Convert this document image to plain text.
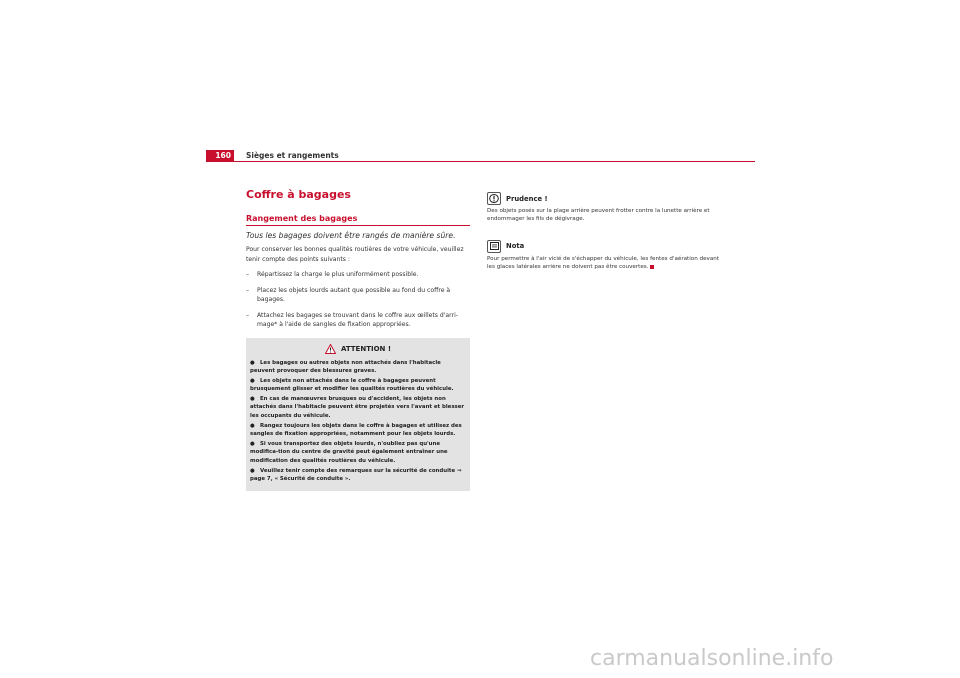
160	Sièges et rangements
Coffre à bagages
Rangement des bagages

Tous les bagages doivent être rangés de manière sûre.

Pour conserver les bonnes qualités routières de votre véhicule, veuillez tenir compte des points suivants :

– Répartissez la charge le plus uniformément possible.
– Placez les objets lourds autant que possible au fond du coffre à bagages.
– Attachez les bagages se trouvant dans le coffre aux œillets d'arri-mage* à l'aide de sangles de fixation appropriées.
ATTENTION !
● Les bagages ou autres objets non attachés dans l'habitacle peuvent provoquer des blessures graves.
● Les objets non attachés dans le coffre à bagages peuvent brusquement glisser et modifier les qualités routières du véhicule.
● En cas de manœuvres brusques ou d'accident, les objets non attachés dans l'habitacle peuvent être projetés vers l'avant et blesser les occupants du véhicule.
● Rangez toujours les objets dans le coffre à bagages et utilisez des sangles de fixation appropriées, notamment pour les objets lourds.
● Si vous transportez des objets lourds, n'oubliez pas qu'une modifica-tion du centre de gravité peut également entraîner une modification des qualités routières du véhicule.
● Veuillez tenir compte des remarques sur la sécurité de conduite ⇒ page 7, « Sécurité de conduite ».
Prudence !

Des objets posés sur la plage arrière peuvent frotter contre la lunette arrière et endommager les fils de dégivrage.

Nota

Pour permettre à l'air vicié de s'échapper du véhicule, les fentes d'aération devant les glaces latérales arrière ne doivent pas être couvertes.

carmanualsonline.info
